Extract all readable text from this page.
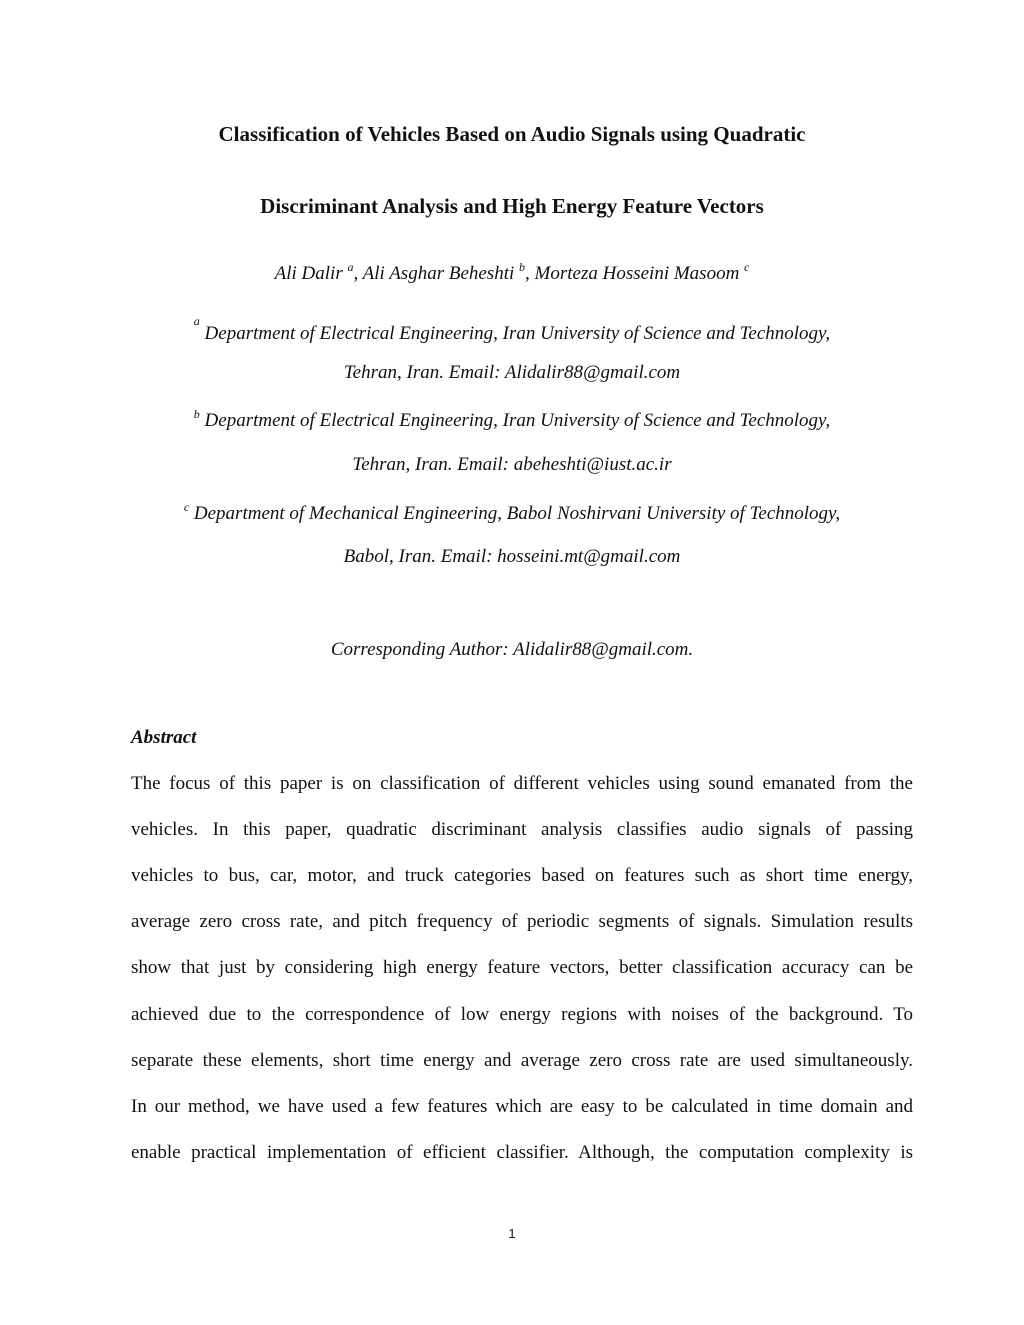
Classification of Vehicles Based on Audio Signals using Quadratic
Discriminant Analysis and High Energy Feature Vectors
Ali Dalir $^a$, Ali Asghar Beheshti $^b$, Morteza Hosseini Masoom $^c$
$^a$ Department of Electrical Engineering, Iran University of Science and Technology,
Tehran, Iran. Email: Alidalir88@gmail.com
$^b$ Department of Electrical Engineering, Iran University of Science and Technology,
Tehran, Iran. Email: abeheshti@iust.ac.ir
$^c$ Department of Mechanical Engineering, Babol Noshirvani University of Technology,
Babol, Iran. Email: hosseini.mt@gmail.com
Corresponding Author: Alidalir88@gmail.com.
Abstract
The focus of this paper is on classification of different vehicles using sound emanated from the
vehicles. In this paper, quadratic discriminant analysis classifies audio signals of passing
vehicles to bus, car, motor, and truck categories based on features such as short time energy,
average zero cross rate, and pitch frequency of periodic segments of signals. Simulation results
show that just by considering high energy feature vectors, better classification accuracy can be
achieved due to the correspondence of low energy regions with noises of the background. To
separate these elements, short time energy and average zero cross rate are used simultaneously.
In our method, we have used a few features which are easy to be calculated in time domain and
enable practical implementation of efficient classifier. Although, the computation complexity is
1
